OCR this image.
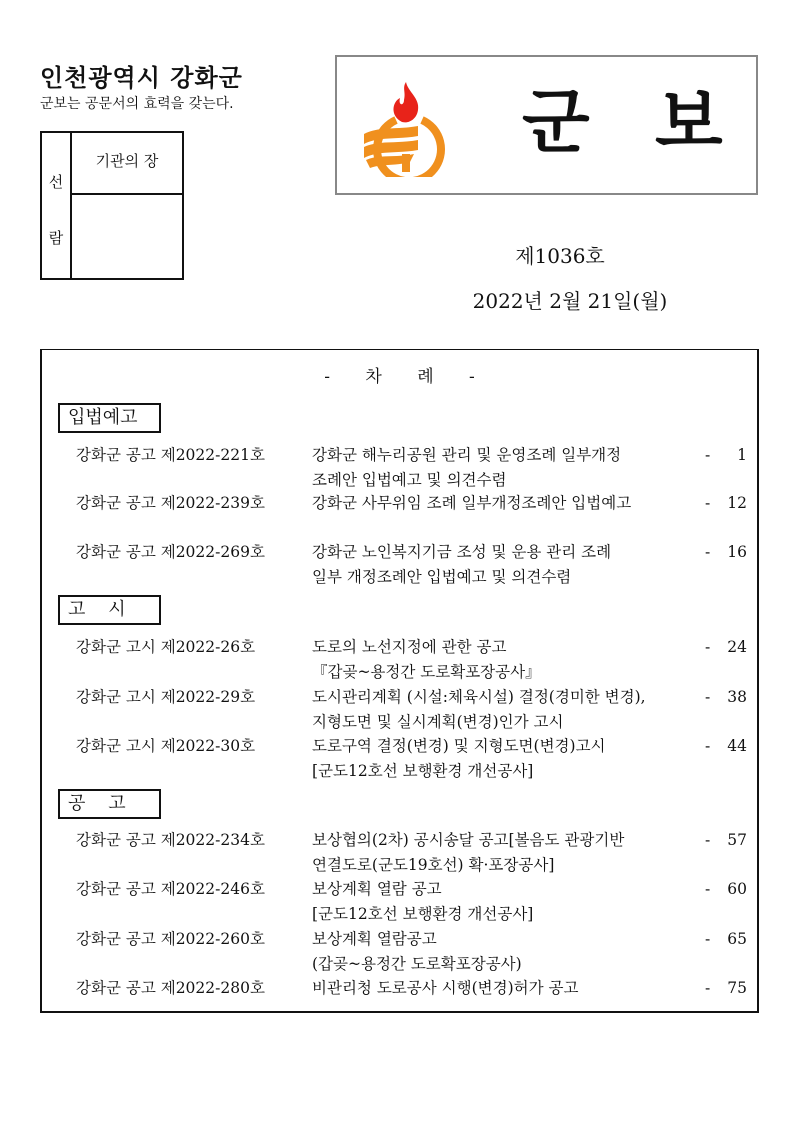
인천광역시 강화군
군보는 공문서의 효력을 갖는다.
선
람
기관의 장	군 보
제1036호
2022년 2월 21일(월)
- 차 례 -
입법예고
강화군 공고 제2022-221호	강화군 해누리공원 관리 및 운영조례 일부개정
조례안 입법예고 및 의견수렴
-	1
강화군 공고 제2022-239호	강화군 사무위임 조례 일부개정조례안 입법예고	-	12
강화군 공고 제2022-269호	강화군 노인복지기금 조성 및 운용 관리 조례
일부 개정조례안 입법예고 및 의견수렴
-	16
고    시
강화군 고시 제2022-26호	도로의 노선지정에 관한 공고
『갑곶~용정간 도로확포장공사』
-	24
강화군 고시 제2022-29호	도시관리계획 (시설:체육시설) 결정(경미한 변경),
지형도면 및 실시계획(변경)인가 고시
-	38
강화군 고시 제2022-30호	도로구역 결정(변경) 및 지형도면(변경)고시
[군도12호선 보행환경 개선공사]
-	44
공    고
강화군 공고 제2022-234호	보상협의(2차) 공시송달 공고[볼음도 관광기반
연결도로(군도19호선) 확·포장공사]
-	57
강화군 공고 제2022-246호	보상계획 열람 공고
[군도12호선 보행환경 개선공사]
-	60
강화군 공고 제2022-260호	보상계획 열람공고
(갑곶~용정간 도로확포장공사)
-	65
강화군 공고 제2022-280호	비관리청 도로공사 시행(변경)허가 공고	-	75
